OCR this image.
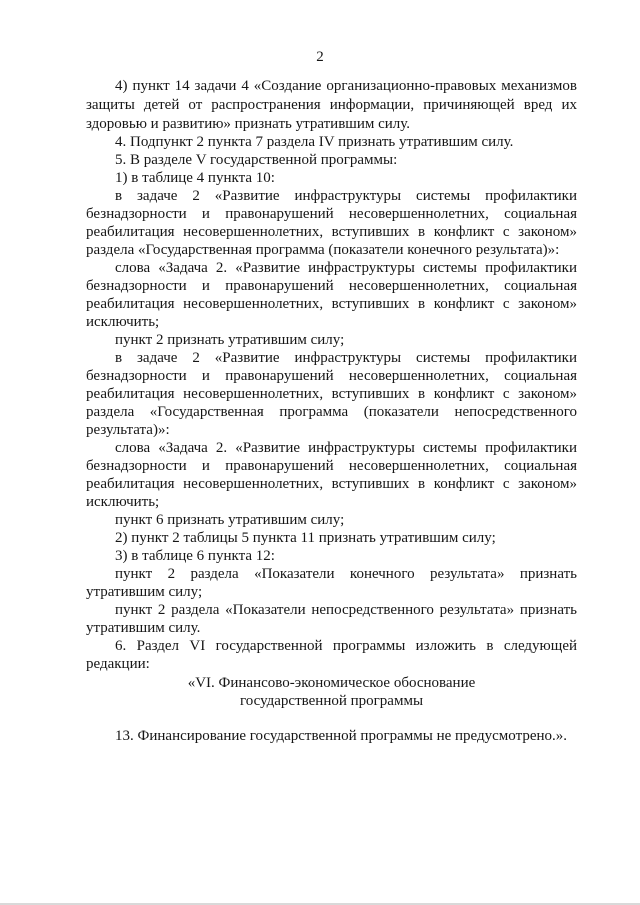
2
4) пункт 14 задачи 4 «Создание организационно-правовых механизмов
защиты детей от распространения информации, причиняющей вред их
здоровью и развитию» признать утратившим силу.
4. Подпункт 2 пункта 7 раздела IV признать утратившим силу.
5. В разделе V государственной программы:
1) в таблице 4 пункта 10:
в задаче 2 «Развитие инфраструктуры системы профилактики
безнадзорности и правонарушений несовершеннолетних, социальная
реабилитация несовершеннолетних, вступивших в конфликт с законом»
раздела «Государственная программа (показатели конечного результата)»:
слова «Задача 2. «Развитие инфраструктуры системы профилактики
безнадзорности и правонарушений несовершеннолетних, социальная
реабилитация несовершеннолетних, вступивших в конфликт с законом»
исключить;
пункт 2 признать утратившим силу;
в задаче 2 «Развитие инфраструктуры системы профилактики
безнадзорности и правонарушений несовершеннолетних, социальная
реабилитация несовершеннолетних, вступивших в конфликт с законом»
раздела «Государственная программа (показатели непосредственного
результата)»:
слова «Задача 2. «Развитие инфраструктуры системы профилактики
безнадзорности и правонарушений несовершеннолетних, социальная
реабилитация несовершеннолетних, вступивших в конфликт с законом»
исключить;
пункт 6 признать утратившим силу;
2) пункт 2 таблицы 5 пункта 11 признать утратившим силу;
3) в таблице 6 пункта 12:
пункт 2 раздела «Показатели конечного результата» признать
утратившим силу;
пункт 2 раздела «Показатели непосредственного результата» признать
утратившим силу.
6. Раздел VI государственной программы изложить в следующей
редакции:
«VI. Финансово-экономическое обоснование
государственной программы
13. Финансирование государственной программы не предусмотрено.».
